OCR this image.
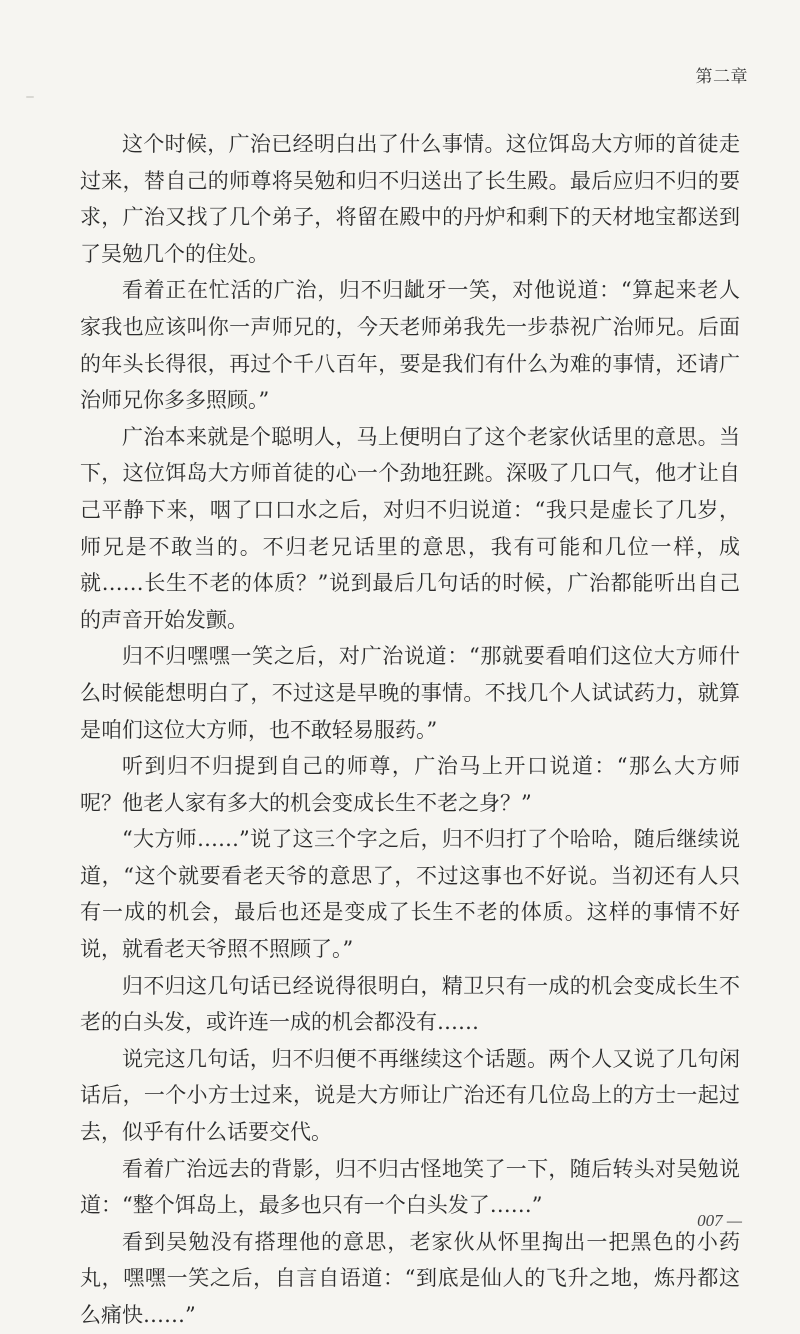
第二章

这个时候，广治已经明白出了什么事情。这位饵岛大方师的首徒走过来，替自己的师尊将吴勉和归不归送出了长生殿。最后应归不归的要求，广治又找了几个弟子，将留在殿中的丹炉和剩下的天材地宝都送到了吴勉几个的住处。

看着正在忙活的广治，归不归龇牙一笑，对他说道：“算起来老人家我也应该叫你一声师兄的，今天老师弟我先一步恭祝广治师兄。后面的年头长得很，再过个千八百年，要是我们有什么为难的事情，还请广治师兄你多多照顾。”

广治本来就是个聪明人，马上便明白了这个老家伙话里的意思。当下，这位饵岛大方师首徒的心一个劲地狂跳。深吸了几口气，他才让自己平静下来，咽了口口水之后，对归不归说道：“我只是虚长了几岁，师兄是不敢当的。不归老兄话里的意思，我有可能和几位一样，成就……长生不老的体质？”说到最后几句话的时候，广治都能听出自己的声音开始发颤。

归不归嘿嘿一笑之后，对广治说道：“那就要看咱们这位大方师什么时候能想明白了，不过这是早晚的事情。不找几个人试试药力，就算是咱们这位大方师，也不敢轻易服药。”

听到归不归提到自己的师尊，广治马上开口说道：“那么大方师呢？他老人家有多大的机会变成长生不老之身？”

“大方师……”说了这三个字之后，归不归打了个哈哈，随后继续说道，“这个就要看老天爷的意思了，不过这事也不好说。当初还有人只有一成的机会，最后也还是变成了长生不老的体质。这样的事情不好说，就看老天爷照不照顾了。”

归不归这几句话已经说得很明白，精卫只有一成的机会变成长生不老的白头发，或许连一成的机会都没有……

说完这几句话，归不归便不再继续这个话题。两个人又说了几句闲话后，一个小方士过来，说是大方师让广治还有几位岛上的方士一起过去，似乎有什么话要交代。

看着广治远去的背影，归不归古怪地笑了一下，随后转头对吴勉说道：“整个饵岛上，最多也只有一个白头发了……”

看到吴勉没有搭理他的意思，老家伙从怀里掏出一把黑色的小药丸，嘿嘿一笑之后，自言自语道：“到底是仙人的飞升之地，炼丹都这么痛快……”

007 —
